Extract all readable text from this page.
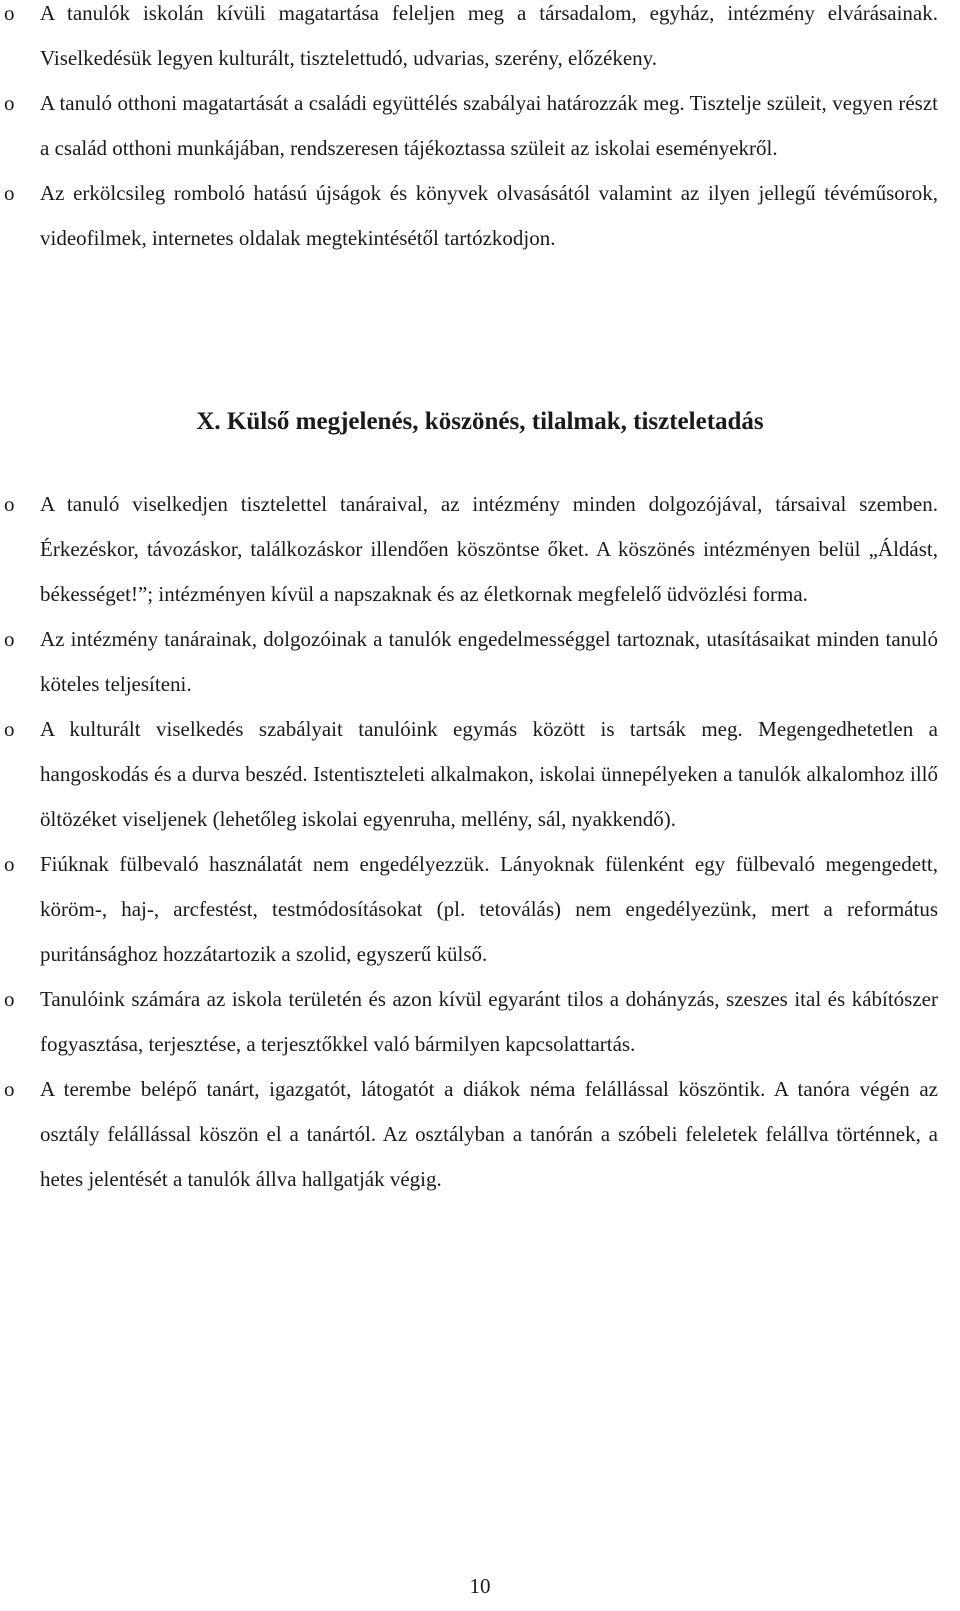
o A tanulók iskolán kívüli magatartása feleljen meg a társadalom, egyház, intézmény elvárásainak. Viselkedésük legyen kulturált, tisztelettudó, udvarias, szerény, előzékeny.
o A tanuló otthoni magatartását a családi együttélés szabályai határozzák meg. Tisztelje szüleit, vegyen részt a család otthoni munkájában, rendszeresen tájékoztassa szüleit az iskolai eseményekről.
o Az erkölcsileg romboló hatású újságok és könyvek olvasásától valamint az ilyen jellegű tévéműsorok, videofilmek, internetes oldalak megtekintésétől tartózkodjon.
X. Külső megjelenés, köszönés, tilalmak, tiszteletadás
o A tanuló viselkedjen tisztelettel tanáraival, az intézmény minden dolgozójával, társaival szemben. Érkezéskor, távozáskor, találkozáskor illendően köszöntse őket. A köszönés intézményen belül „Áldást, békességet!”; intézményen kívül a napszaknak és az életkornak megfelelő üdvözlési forma.
o Az intézmény tanárainak, dolgozóinak a tanulók engedelmességgel tartoznak, utasításaikat minden tanuló köteles teljesíteni.
o A kulturált viselkedés szabályait tanulóink egymás között is tartsák meg. Megengedhetetlen a hangoskodás és a durva beszéd. Istentiszteleti alkalmakon, iskolai ünnepélyeken a tanulók alkalomhoz illő öltözéket viseljenek (lehetőleg iskolai egyenruha, mellény, sál, nyakkendő).
o Fiúknak fülbevaló használatát nem engedélyezzük. Lányoknak fülenként egy fülbevaló megengedett, köröm-, haj-, arcfestést, testmódosításokat (pl. tetoválás) nem engedélyezünk, mert a református puritánsághoz hozzátartozik a szolid, egyszerű külső.
o Tanulóink számára az iskola területén és azon kívül egyaránt tilos a dohányzás, szeszes ital és kábítószer fogyasztása, terjesztése, a terjesztőkkel való bármilyen kapcsolattartás.
o A terembe belépő tanárt, igazgatót, látogatót a diákok néma felállással köszöntik. A tanóra végén az osztály felállással köszön el a tanártól. Az osztályban a tanórán a szóbeli feleletek felállva történnek, a hetes jelentését a tanulók állva hallgatják végig.
10
